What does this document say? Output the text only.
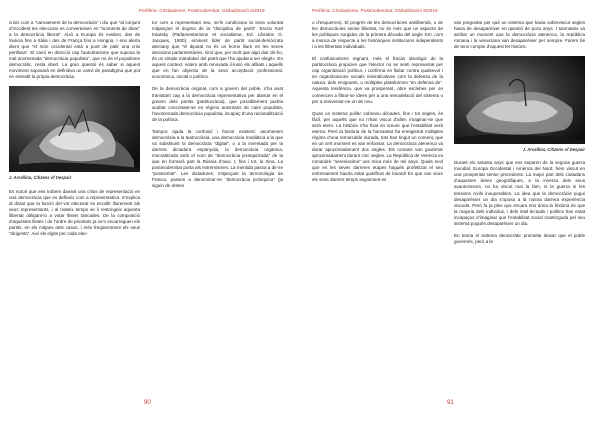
Perifèria. Cristianisme, Postmodernitat, Globalització 6/2019

crisis com a “carnaement de la democràcia” i diu que “al conjunt d’Occident les eleccions es converteixen en “moments de dinar” a la democràcia liberal”. Això a Europa és evident, des de Suècia fins a Itàlia i des de França fins a Hongria. I ens alerta dient que “el món occidental està a punt de patir una crisi perillosa”. El camí en direcció cap l’autoritarisme que suposa la mal anomenada “democràcia populista”, que no és el populisme democràtic, resta obert. La gran qüestió és saber si aquest moviment suposarà en definitiva un canvi de paradigma que pot en entredit la pròpia democràcia.

J. Arcellina, Citizens of Despair

Es notori que ens trobem davant una crisis de representació en una democràcia que es defineix com a representativa. S’explica al dictat que la funció del vot electoral és escollir lliurement als seus representants, i al mateix temps se li restringeix aquesta llibertat obligant-lo a votar llistes tancades. De la composició d’aquestes llistes i de l’ordre de prioritats ja se’n encarreguen els partits, en els mitjans dels casos, i més freqüentment els seus “dirigents”. Així els elgits per cada elec-

tor com a representant seu, se’ls condiciona la seva voluntat mitjançant el dogma de la “disciplina de partit”. Escriu Karl Kautsky (Parlamentarisme et socialisme, Ed. Librairie G. Jacques, 1900), eminent líder de partit social-demòcrata alemany que “el diputat no és un home lliure en les seves decisions parlamentàries, sinó que, per molt que algú diur dir-ho, és un simple mandatari del partit que l’ha ajudat a ser elegit». En aquest context, votem amb renovada il·lusió els afiliats i aquells que en fan objectiu de la seva acceptació professional, econòmica, social o política.

De la democràcia original, com a govern del poble, s’ha anat transitant cap a la democràcia representativa per alamar en el govern dels partits (partitocràcia), que possiblement podria acabar concretant-se en règims autoritaris de caire populista, l’anomenada democràcia populista, incapaç d’una racionalització de la política.

Tampoc ajuda la confusió i foscor existent: anomenem democràcia a la teatrocràcia, una democràcia mediàtica a la que va substituint la democràcia “digital”, o a la inventada per la darrera dictadura espanyola, la democràcia orgànica, mocratitzada amb el nom de “democràcia jerarquitzada” de la que en formarà part la Rússia d’avui. I, fins i tot, la Xina. La postmodernitat porta als extremismes. La mentida passa a dir-se “postveritat”. Les dictadures, mitjançant la terminologia de Franco, passen a denominar-se “democràcia jeràrquica” (ja siguin de dretes

90
Perifèria. Cristianisme, Postmodernitat, Globalització 6/2019

o d’esquerres). El progrés de les democràcies antiliberals, o de les democràcies sense llibertat, no és més que un aspecte de les polítiques sorgides de la primera dècada del segle XXI, com a manca de respecte a les històriques institucions independents i a les llibertats individuals.

El confusionisme regnant, més el fracàs ideològic de la partitocràcia propicien que l’elector no se senti representat per cap organització política, i confirma en lluitar contra qualsevol i en organitzacions socials reivindicatives com la defensa de la natura, dels emigrants, o múltiples plataformes “en defensa de”. Aquesta tendència, que va prosperant, obre esclebes per on comencen a filtrar-se idees per a una remodelació del sistema o per a reinventar-ne un de nou.

Quan un sistema polític sobreviu dècades, fins i tot segles, és fàcil, per aquells que no n’han viscut d’altre, imaginar-se que serà etern. La història s’ha fixat en creure que l’estabilitat serà eterna. Però la història de la humanitat ha enregistrat múltiples règims d’una remarcable durada, tots han tingut un començ que en un cert moment es van enfonsar. La democràcia atenenca va durar aproximadament dos segles. Els romans van governar aproximadament durant cinc segles. La República de Venècia va romandre “serenissima” uns mica més de mil anys. Quals evol que en les seves darreres etapes hagués profetitzat el seu enfonsament hauria estat qualificat de boiard! És que van viure els seus darrers temps seguiment es

van preguntar per què un sistema que havia sobreviscut segles havia de desaparèixer en qüestió de pocs anys. I tanmateix va arribar un moment que la democràcia atenenca, la república romana i la veneciana van desaparèixer per sempre. Farem bé de tenir compte d’aquest fet històric.

J. Arcellina, Citizens of Despair

Durant els setanta anys que ens separen de la segona guerra mundial, Europa Occidental i Amèrica del Nord, hem viscut en una prosperitat sense precedents. La major part dels ciutadans d’aquestes àrees geogràfiques, a la inversa dels seus avantcessors, no ha viscut mai la fam, ni la guerra ni les tensions civils insuperables. La idea que la democràcia pugui desaparèixer un dia s’oposa a la nostra darrera experiència viscuda. Però fa ja ples que encara ens dóna la història és que la majoria dels individus, i dels intel·lectuals i polítics han estat incapaços d’imaginar que l’estabilitat social mantinguda pel seu sistema pogués desaparèixer un dia.

En teoria el sistema democràtic prometia deixar que el poble governés, però a la

91
